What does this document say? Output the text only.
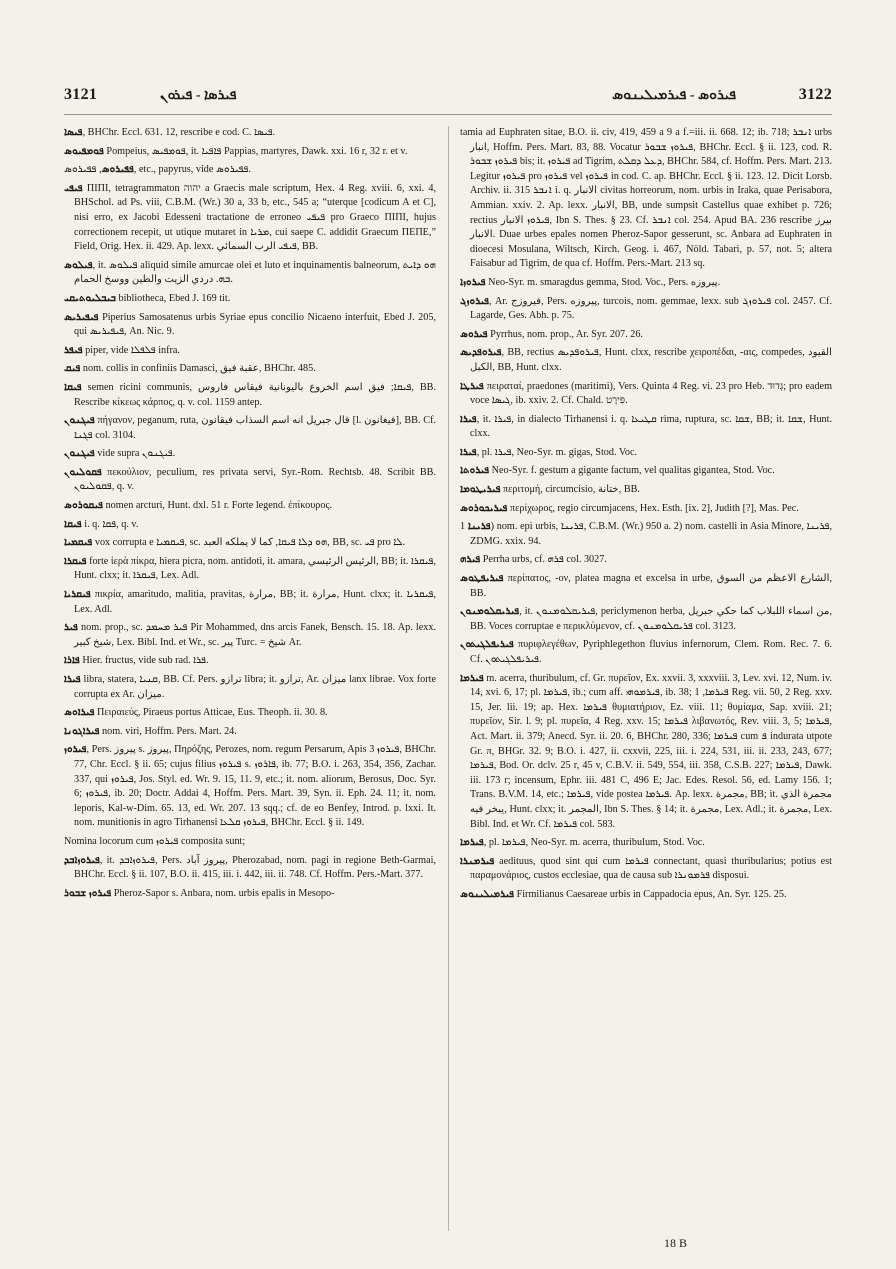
3121	ܦܝܪܣܐ - ܦܝܪܘܢ	ܦܝܪܘܣ - ܦܝܪܡܝܠܝܢܘܣ	3122

ܦܝܣܐ, BHChr. Eccl. 631. 12, rescribe e cod. C. ܦܝܣܐ.

ܦܘܡܦܝܘܣ Pompeius, ܦܘܡܦܝܣ, it. ܦܐܦܝܐ Pappias, martyres, Dawk. xxi. 16 r, 32 r. et v.

ܦܦܝܪܘܣ, ܦܦܝܪܘܣ, etc., papyrus, vide ܦܦܝܪܘܣ.

ܦܝܦܝ ΠΙΠΙ, tetragrammaton יהוה a Graecis male scriptum, Hex. 4 Reg. xviii. 6, xxi. 4, BHSchol. ad Ps. viii, C.B.M. (Wr.) 30 a, 33 b, etc., 545 a; “uterque [codicum A et C], nisi erro, ex Jacobi Edesseni tractatione de erroneo ܦܝܦܝ pro Graeco ΠΙΠΙ, hujus correctionem recepit, ut utique mutaret in ܡܪܝܐ, cui saepe C. addidit Graecum ΠΕΠΕ,” Field, Orig. Hex. ii. 429. Ap. lexx. ܦܝܦܝ الرب السمائي, BB.

ܦܝܠܘܣ, it. ܦܝܠܘܣ aliquid simile amurcae olei et luto et inquinamentis balneorum, ܗܘ ܕܐܝܬ ܒܗ. دردي الزيت والطين ووسخ الحمام.

ܒܝܒܠܝܘܬܝܩܝ bibliotheca, Ebed J. 169 tit.

ܦܝܦܝܪܝܣ Piperius Samosatenus urbis Syriae epus concilio Nicaeno interfuit, Ebed J. 205, qui ܦܝܦܝܪܝܣ, An. Nic. 9.

ܦܝܦܪ piper, vide ܦܠܦܠܐ infra.

ܦܝܩ nom. collis in confiniis Damasci, عقبة فيق, BHChr. 485.

ܦܝܩܐ semen ricini communis, ܦܝܩܐ; فيق اسم الخروع باليونانية فيقاس فاروس, BB. Rescribe κίκεως κάρπος, q. v. col. 1159 antep.

ܦܝܓܢܘܢ πήγανον, peganum, ruta, قال جبريل انه اسم السذاب فيقانون [l. فيغانون], BB. Cf. ܦܓܢܐ col. 3104.

ܦܝܓܢܘܢ vide supra ܦܝܓܢܘܢ.

ܦܩܘܠܝܘܢ πεκούλιον, peculium, res privata servi, Syr.-Rom. Rechtsb. 48. Scribit BB. ܦܩܘܠܝܘܢ, q. v.

ܦܝܩܘܪܘܣ nomen arcturi, Hunt. dxl. 51 r. Forte legend. ἐπίκουρος.

ܦܝܩܐ i. q. ܦܩܐ, q. v.

ܦܝܩܡܝܐ vox corrupta e ܦܝܩܡܝܐ, sc. ܗܘ ܕܠܐ ܦܝܩܐ, كما لا يملكه العبد, BB, sc. ܦܝ pro ܠܐ.

ܦܝܩܪܐ forte ἱερὰ πίκρα, hiera picra, nom. antidoti, it. amara, الرئيس الرئيسي, BB; it. ܦܝܩܪܐ, Hunt. clxx; it. ܦܝܩܪܐ, Lex. Adl.

ܦܝܩܪܝܐ πικρία, amaritudo, malitia, pravitas, مرارة, BB; it. مرارة, Hunt. clxx; it. ܦܝܩܪܝܐ, Lex. Adl.

ܦܝܪ nom. prop., sc. ܦܝܪ ܡܚܡܕ Pir Mohammed, dns arcis Fanek, Bensch. 15. 18. Ap. lexx. شيخ كبير, Lex. Bibl. Ind. et Wr., sc. پير Turc. = شيخ Ar.

ܦܐܪܐ Hier. fructus, vide sub rad. ܦܪܐ.

ܦܝܪܐ libra, statera, ܩܢܝܐ, BB. Cf. Pers. ترازو libra; it. ترازو, Ar. ميزان lanx librae. Vox forte corrupta ex Ar. ميزان.

ܦܝܪܐܘܣ Πειραιεύς, Piraeus portus Atticae, Eus. Theoph. ii. 30. 8.

ܦܝܪܐܓܘܢܐ nom. viri, Hoffm. Pers. Mart. 24.

ܦܝܪܘܙ, Pers. پيروز s. پيروز, Πηρόζης, Perozes, nom. regum Persarum, Apis ܦܝܪܘܙ 3, BHChr. 77, Chr. Eccl. § ii. 65; cujus filius ܦܝܪܘܙ s. ܦܐܪܘܙ, ib. 77; B.O. i. 263, 354, 356, Zachar. 337, qui ܦܝܪܘܙ, Jos. Styl. ed. Wr. 9. 15, 11. 9, etc.; it. nom. aliorum, Berosus, Doc. Syr. 6; ܦܝܪܘܙ, ib. 20; Doctr. Addai 4, Hoffm. Pers. Mart. 39, Syn. ii. Eph. 24. 11; it. nom. leporis, Kal-w-Dim. 65. 13, ed. Wr. 207. 13 sqq.; cf. de eo Benfey, Introd. p. lxxi. It. nom. munitionis in agro Tirhanensi ܦܝܪܘܙ ܩܠܥܐ, BHChr. Eccl. § ii. 149.

Nomina locorum cum ܦܝܪܘܙ composita sunt;

ܦܝܪܘܙܐܒܕ, it. ܦܝܪܘܙܐܒܕ, Pers. پيروز آباد, Pherozabad, nom. pagi in regione Beth-Garmai, BHChr. Eccl. § ii. 107, B.O. ii. 415, iii. i. 442, iii. ii. 748. Cf. Hoffm. Pers.-Mart. 377.

ܦܝܪܘܙ ܫܒܘܪ Pheroz-Sapor s. Anbara, nom. urbis epalis in Mesopo-

tamia ad Euphraten sitae, B.O. ii. civ, 419, 459 a 9 a f.=iii. ii. 668. 12; ib. 718; ܐܢܒܪ urbs انبار, Hoffm. Pers. Mart. 83, 88. Vocatur ܦܝܪܘܙ ܫܒܘܪ, BHChr. Eccl. § ii. 123, cod. R. ܦܝܪܘܙ ܫܒܘܪ bis; it. ܦܝܪܘܙ ad Tigrim, ܕܥܠ ܕܩܠܬ, BHChr. 584, cf. Hoffm. Pers. Mart. 213. Legitur ܦܝܪܘܙ pro ܦܝܪܘܙ vel ܦܝܪܘܙ in cod. C. ap. BHChr. Eccl. § ii. 123. 12. Dicit Lorsb. Archiv. ii. 315 ܐܢܒܪ i. q. الانبار civitas horreorum, nom. urbis in Iraka, quae Perisabora, Ammian. xxiv. 2. Ap. lexx. الانبار, BB, unde sumpsit Castellus quae exhibet p. 726; rectius ܦܝܪܘܙ الانبار, Ibn S. Thes. § 23. Cf. ܐܢܒܪ col. 254. Apud BA. 236 rescribe بيرز الانبار. Duae urbes epales nomen Pheroz-Sapor gesserunt, sc. Anbara ad Euphraten in dioecesi Mosulana, Wiltsch, Kirch. Geog. i. 467, Nöld. Tabari, p. 57, not. 5; altera Faisabur ad Tigrim, de qua cf. Hoffm. Pers.-Mart. 213 sq.

ܦܝܪܘܙܐ Neo-Syr. m. smaragdus gemma, Stod. Voc., Pers. پيروزه.

ܦܝܪܘܙܓ, Ar. فيروزج, Pers. پيروزه, turcois, nom. gemmae, lexx. sub ܦܝܪܘܙܓ col. 2457. Cf. Lagarde, Ges. Abh. p. 75.

ܦܝܪܘܣ Pyrrhus, nom. prop., Ar. Syr. 207. 26.

ܦܝܪܘܦܕܝܣ, BB, rectius ܦܝܪܘܦܕܝܣ, Hunt. clxx, rescribe χειροπέδαι, -αις, compedes, القيود الكبل, BB, Hunt. clxx.

ܦܝܪܛܐ πειραταί, praedones (maritimi), Vers. Quinta 4 Reg. vi. 23 pro Heb. גְּדוּד; pro eadem voce ܓܝܣܐ, ib. xxiv. 2. Cf. Chald. פִּירָט.

ܦܝܪܐ, it. ܦܝܪܐ, in dialecto Tirhanensi i. q. ܩܛܝܥܐ rima, ruptura, sc. ܫܩܐ, BB; it. ܫܩܐ, Hunt. clxx.

ܦܝܪܐ, pl. ܦܝܪܐ, Neo-Syr. m. gigas, Stod. Voc.

ܦܝܪܘܬܐ Neo-Syr. f. gestum a gigante factum, vel qualitas gigantea, Stod. Voc.

ܦܝܪܝܛܘܡܐ περιτομή, circumcisio, ختانة, BB.

ܦܝܪܝܟܘܪܘܣ περίχωρος, regio circumjacens, Hex. Esth. [ix. 2], Judith [?], Mas. Pec.

ܦܪܝܢܐ 1) nom. epi urbis, ܦܪܝܢܐ, C.B.M. (Wr.) 950 a. 2) nom. castelli in Asia Minore, ܦܪܝܢܐ, ZDMG. xxix. 94.

ܦܝܪܗ Perrha urbs, cf. ܦܪܗ col. 3027.

ܦܝܪܝܦܛܘܣ περίπατος, -ον, platea magna et excelsa in urbe, الشارع الاعظم من السوق, BB.

ܦܝܪܝܩܠܘܡܢܘܢ, it. ܦܝܪܝܩܠܘܡܢܘܢ, periclymenon herba, من اسماء اللبلاب كما حكي جبريل, BB. Voces corruptae e περικλύμενον, cf. ܦܪܝܩܠܘܡܢܘܢ col. 3123.

ܦܝܪܝܦܠܓܝܬܘܢ πυριφλεγέθων, Pyriphlegethon fluvius infernorum, Clem. Rom. Rec. 7. 6. Cf. ܦܝܪܝܦܠܓܝܬܘܢ.

ܦܝܪܡܐ m. acerra, thuribulum, cf. Gr. πυρεῖον, Ex. xxvii. 3, xxxviii. 3, Lev. xvi. 12, Num. iv. 14, xvi. 6, 17; pl. ܦܝܪܡܐ, ib.; cum aff. ܦܝܪܡܘܗܝ, ib. 38; ܦܝܪܡܐ, 1 Reg. vii. 50, 2 Reg. xxv. 15, Jer. lii. 19; ap. Hex. ܦܝܪܡܐ θυμιατήριον, Ez. viii. 11; θυμίαμα, Sap. xviii. 21; πυρεῖον, Sir. l. 9; pl. πυρεῖα, 4 Reg. xxv. 15; ܦܝܪܡܐ λιβανωτός, Rev. viii. 3, 5; ܦܝܪܡܐ, Act. Mart. ii. 379; Anecd. Syr. ii. 20. 6, BHChr. 280, 336; ܦܝܪܡܐ cum ܦ indurata utpote Gr. π, BHGr. 32. 9; B.O. i. 427, ii. cxxvii, 225, iii. i. 224, 531, iii. ii. 233, 243, 677; ܦܝܪܡܐ, Bod. Or. dclv. 25 r, 45 v, C.B.V. ii. 549, 554, iii. 358, C.S.B. 227; ܦܝܪܡܐ, Dawk. iii. 173 r; incensum, Ephr. iii. 481 C, 496 E; Jac. Edes. Resol. 56, ed. Lamy 156. 1; Trans. B.V.M. 14, etc.; ܦܝܪܡܐ, vide postea ܦܝܪܡܐ. Ap. lexx. مجمرة, BB; it. مجمرة الذي يبخر فيه, Hunt. clxx; it. المجمر, Ibn S. Thes. § 14; it. مجمرة, Lex. Adl.; it. مجمرة, Lex. Bibl. Ind. et Wr. Cf. ܦܝܪܡܐ col. 583.

ܦܝܪܡܐ, pl. ܦܝܪܡܐ, Neo-Syr. m. acerra, thuribulum, Stod. Voc.

ܦܝܪܡܢܪܐ aedituus, quod sint qui cum ܦܝܪܡܐ connectant, quasi thuribularius; potius est παραμονάριος, custos ecclesiae, qua de causa sub ܦܪܡܘܢܪܐ disposui.

ܦܝܪܡܝܠܝܢܘܣ Firmilianus Caesareae urbis in Cappadocia epus, An. Syr. 125. 25.

18 B
